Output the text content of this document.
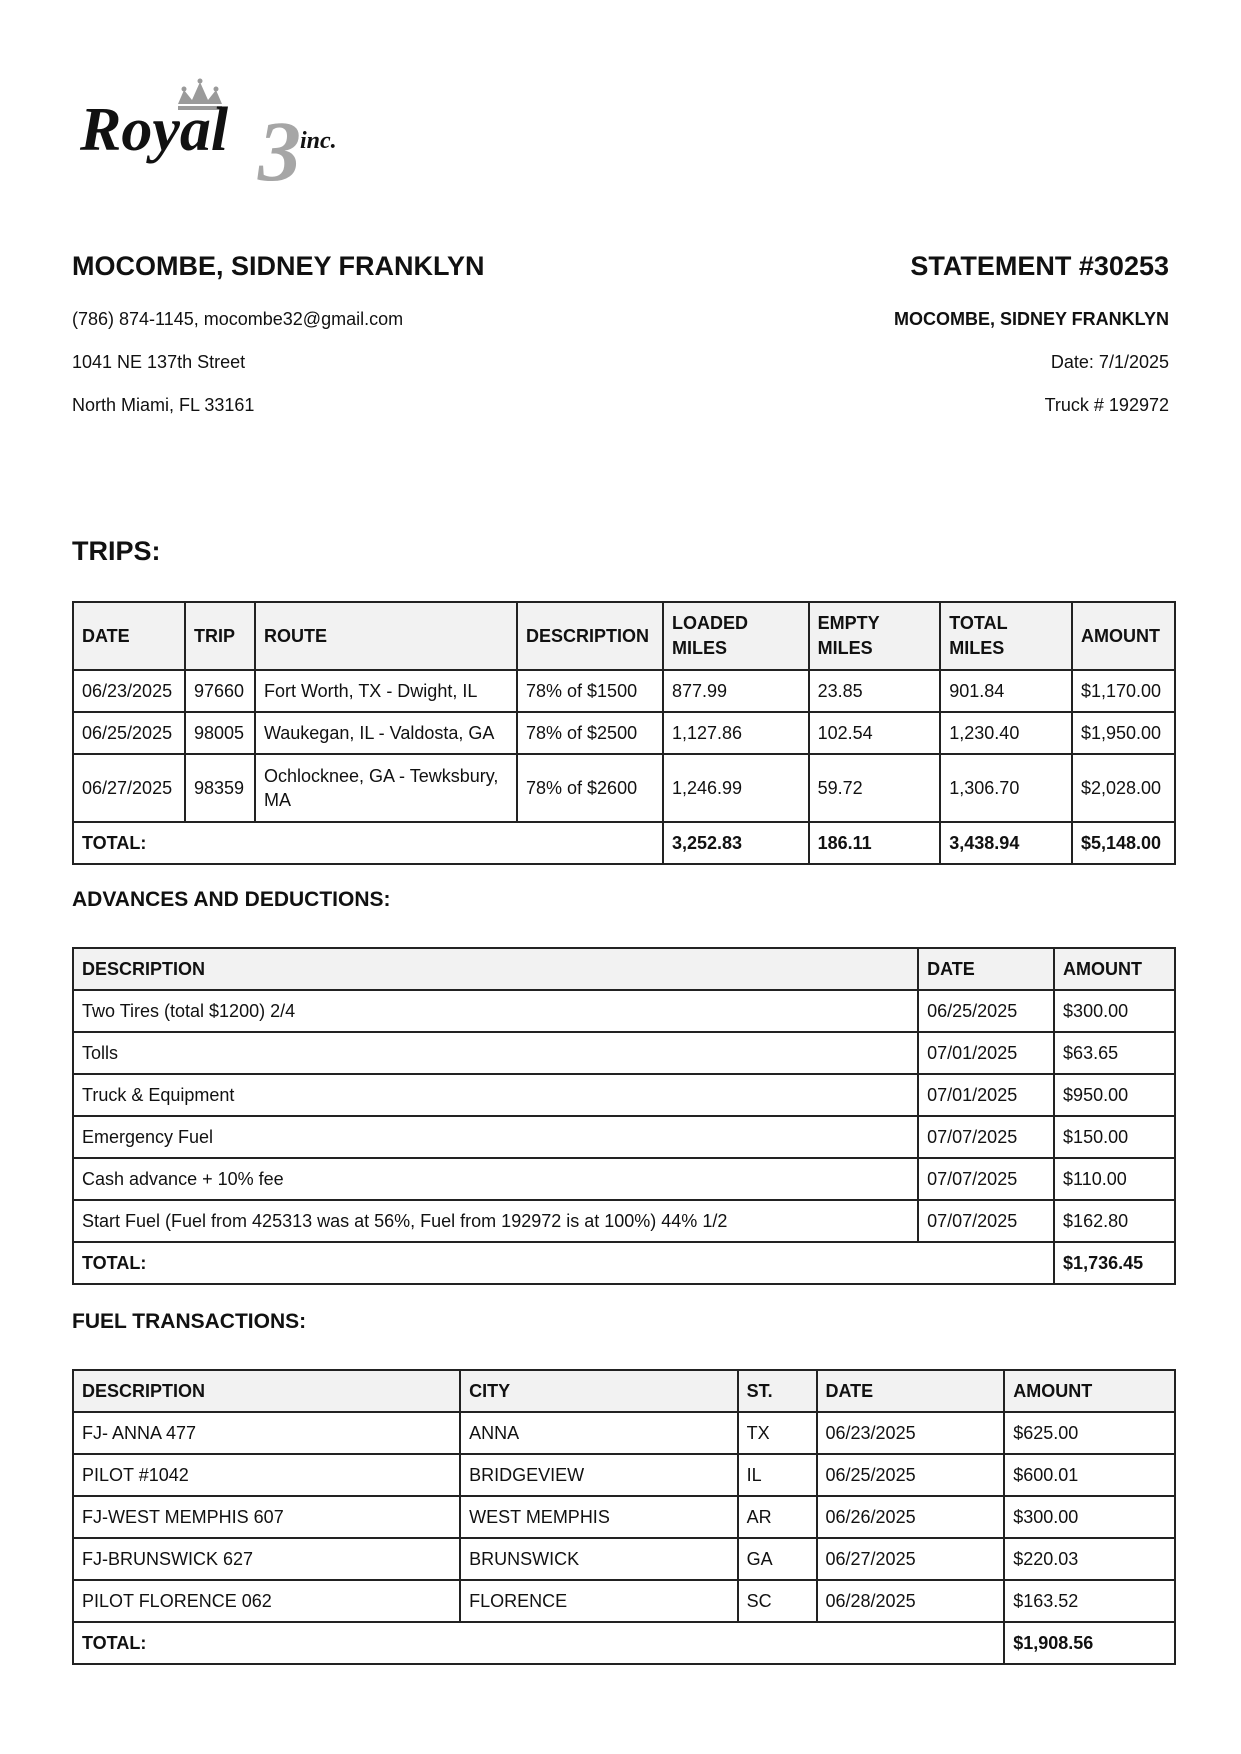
Royal 3 inc.
MOCOMBE, SIDNEY FRANKLYN	STATEMENT #30253
(786) 874-1145, mocombe32@gmail.com
1041 NE 137th Street
North Miami, FL 33161
MOCOMBE, SIDNEY FRANKLYN
Date: 7/1/2025
Truck # 192972
TRIPS:
DATE	TRIP	ROUTE	DESCRIPTION	LOADED MILES	EMPTY MILES	TOTAL MILES	AMOUNT
06/23/2025	97660	Fort Worth, TX - Dwight, IL	78% of $1500	877.99	23.85	901.84	$1,170.00
06/25/2025	98005	Waukegan, IL - Valdosta, GA	78% of $2500	1,127.86	102.54	1,230.40	$1,950.00
06/27/2025	98359	Ochlocknee, GA - Tewksbury, MA	78% of $2600	1,246.99	59.72	1,306.70	$2,028.00
TOTAL:				3,252.83	186.11	3,438.94	$5,148.00
ADVANCES AND DEDUCTIONS:
DESCRIPTION	DATE	AMOUNT
Two Tires (total $1200) 2/4	06/25/2025	$300.00
Tolls	07/01/2025	$63.65
Truck & Equipment	07/01/2025	$950.00
Emergency Fuel	07/07/2025	$150.00
Cash advance + 10% fee	07/07/2025	$110.00
Start Fuel (Fuel from 425313 was at 56%, Fuel from 192972 is at 100%) 44% 1/2	07/07/2025	$162.80
TOTAL:		$1,736.45
FUEL TRANSACTIONS:
DESCRIPTION	CITY	ST.	DATE	AMOUNT
FJ- ANNA 477	ANNA	TX	06/23/2025	$625.00
PILOT #1042	BRIDGEVIEW	IL	06/25/2025	$600.01
FJ-WEST MEMPHIS 607	WEST MEMPHIS	AR	06/26/2025	$300.00
FJ-BRUNSWICK 627	BRUNSWICK	GA	06/27/2025	$220.03
PILOT FLORENCE 062	FLORENCE	SC	06/28/2025	$163.52
TOTAL:				$1,908.56
